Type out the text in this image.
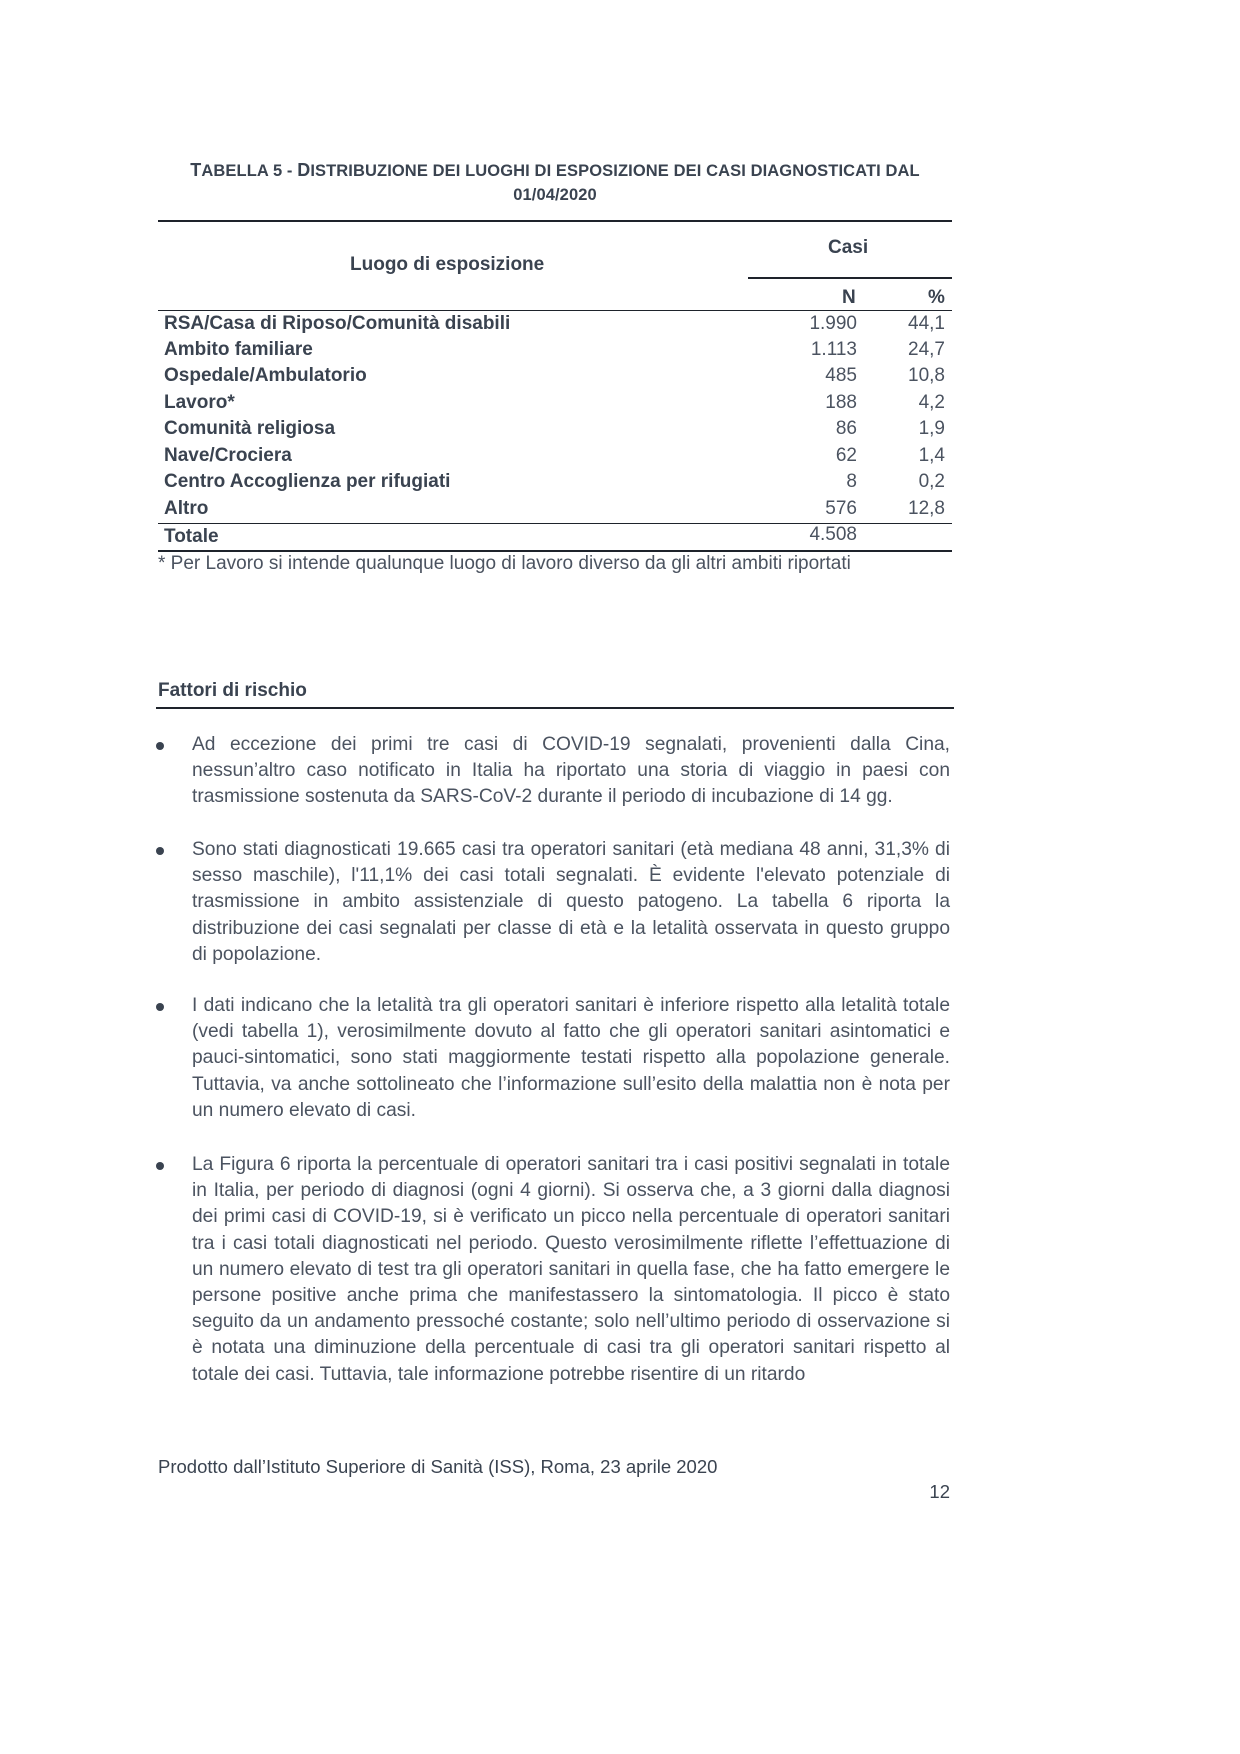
TABELLA 5 - DISTRIBUZIONE DEI LUOGHI DI ESPOSIZIONE DEI CASI DIAGNOSTICATI DAL
01/04/2020
Luogo di esposizione
Casi
N	%
RSA/Casa di Riposo/Comunità disabili	1.990	44,1
Ambito familiare	1.113	24,7
Ospedale/Ambulatorio	485	10,8
Lavoro*	188	4,2
Comunità religiosa	86	1,9
Nave/Crociera	62	1,4
Centro Accoglienza per rifugiati	8	0,2
Altro	576	12,8
Totale	4.508
* Per Lavoro si intende qualunque luogo di lavoro diverso da gli altri ambiti riportati
Fattori di rischio
Ad eccezione dei primi tre casi di COVID-19 segnalati, provenienti dalla Cina, nessun’altro caso notificato in Italia ha riportato una storia di viaggio in paesi con trasmissione sostenuta da SARS-CoV-2 durante il periodo di incubazione di 14 gg.
Sono stati diagnosticati 19.665 casi tra operatori sanitari (età mediana 48 anni, 31,3% di sesso maschile), l'11,1% dei casi totali segnalati. È evidente l'elevato potenziale di trasmissione in ambito assistenziale di questo patogeno. La tabella 6 riporta la distribuzione dei casi segnalati per classe di età e la letalità osservata in questo gruppo di popolazione.
I dati indicano che la letalità tra gli operatori sanitari è inferiore rispetto alla letalità totale (vedi tabella 1), verosimilmente dovuto al fatto che gli operatori sanitari asintomatici e pauci-sintomatici, sono stati maggiormente testati rispetto alla popolazione generale. Tuttavia, va anche sottolineato che l’informazione sull’esito della malattia non è nota per un numero elevato di casi.
La Figura 6 riporta la percentuale di operatori sanitari tra i casi positivi segnalati in totale in Italia, per periodo di diagnosi (ogni 4 giorni). Si osserva che, a 3 giorni dalla diagnosi dei primi casi di COVID-19, si è verificato un picco nella percentuale di operatori sanitari tra i casi totali diagnosticati nel periodo. Questo verosimilmente riflette l’effettuazione di un numero elevato di test tra gli operatori sanitari in quella fase, che ha fatto emergere le persone positive anche prima che manifestassero la sintomatologia. Il picco è stato seguito da un andamento pressoché costante; solo nell’ultimo periodo di osservazione si è notata una diminuzione della percentuale di casi tra gli operatori sanitari rispetto al totale dei casi. Tuttavia, tale informazione potrebbe risentire di un ritardo
Prodotto dall’Istituto Superiore di Sanità (ISS), Roma, 23 aprile 2020
12
